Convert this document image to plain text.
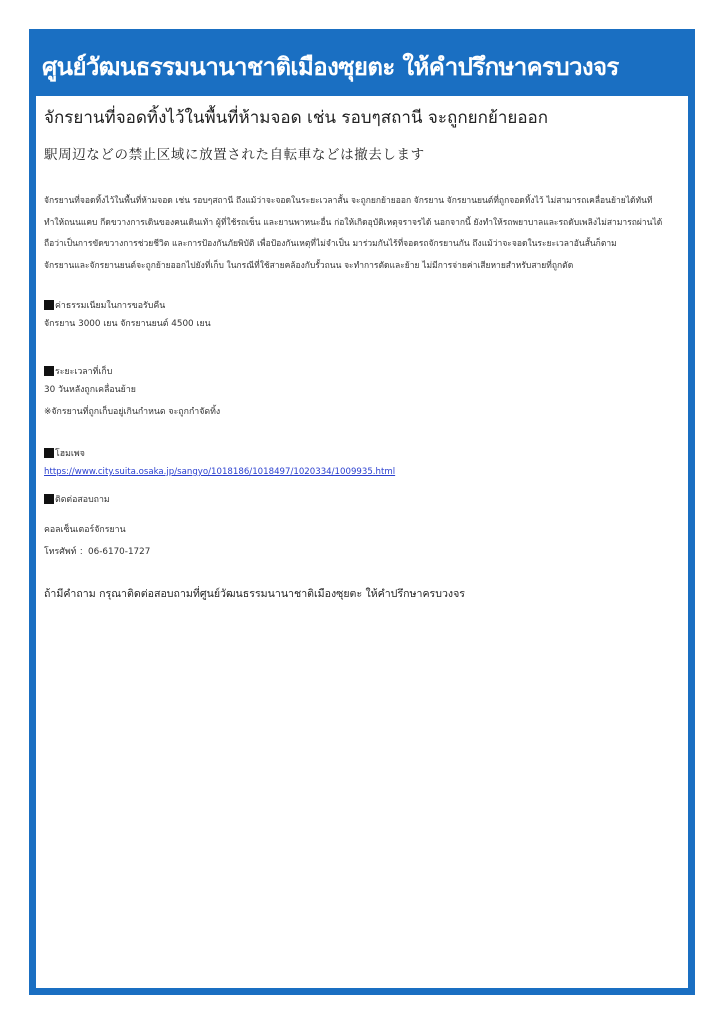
ศูนย์วัฒนธรรมนานาชาติเมืองซุยตะ ให้คำปรึกษาครบวงจร
จักรยานที่จอดทิ้งไว้ในพื้นที่ห้ามจอด เช่น รอบๆสถานี จะถูกยกย้ายออก
駅周辺などの禁止区域に放置された自転車などは撤去します
จักรยานที่จอดทิ้งไว้ในพื้นที่ห้ามจอด เช่น รอบๆสถานี ถึงแม้ว่าจะจอดในระยะเวลาสั้น จะถูกยกย้ายออก จักรยาน จักรยานยนต์ที่ถูกจอดทิ้งไว้ ไม่สามารถเคลื่อนย้ายได้ทันที
ทำให้ถนนแคบ กีดขวางการเดินของคนเดินเท้า ผู้ที่ใช้รถเข็น และยานพาหนะอื่น ก่อให้เกิดอุบัติเหตุจราจรได้ นอกจากนี้ ยังทำให้รถพยาบาลและรถดับเพลิงไม่สามารถผ่านได้
ถือว่าเป็นการขัดขวางการช่วยชีวิต และการป้องกันภัยพิบัติ เพื่อป้องกันเหตุที่ไม่จำเป็น มาร่วมกันไร้ที่จอดรถจักรยานกัน ถึงแม้ว่าจะจอดในระยะเวลาอันสั้นก็ตาม
จักรยานและจักรยานยนต์จะถูกย้ายออกไปยังที่เก็บ ในกรณีที่ใช้สายคล้องกับรั้วถนน จะทำการตัดและย้าย ไม่มีการจ่ายค่าเสียหายสำหรับสายที่ถูกตัด
ค่าธรรมเนียมในการขอรับคืน
จักรยาน 3000 เยน จักรยานยนต์ 4500 เยน
ระยะเวลาที่เก็บ
30 วันหลังถูกเคลื่อนย้าย
※จักรยานที่ถูกเก็บอยู่เกินกำหนด จะถูกกำจัดทิ้ง
โฮมเพจ
https://www.city.suita.osaka.jp/sangyo/1018186/1018497/1020334/1009935.html
ติดต่อสอบถาม
คอลเซ็นเตอร์จักรยาน
โทรศัพท์ ：06-6170-1727
ถ้ามีคำถาม กรุณาติดต่อสอบถามที่ศูนย์วัฒนธรรมนานาชาติเมืองซุยตะ ให้คำปรึกษาครบวงจร
